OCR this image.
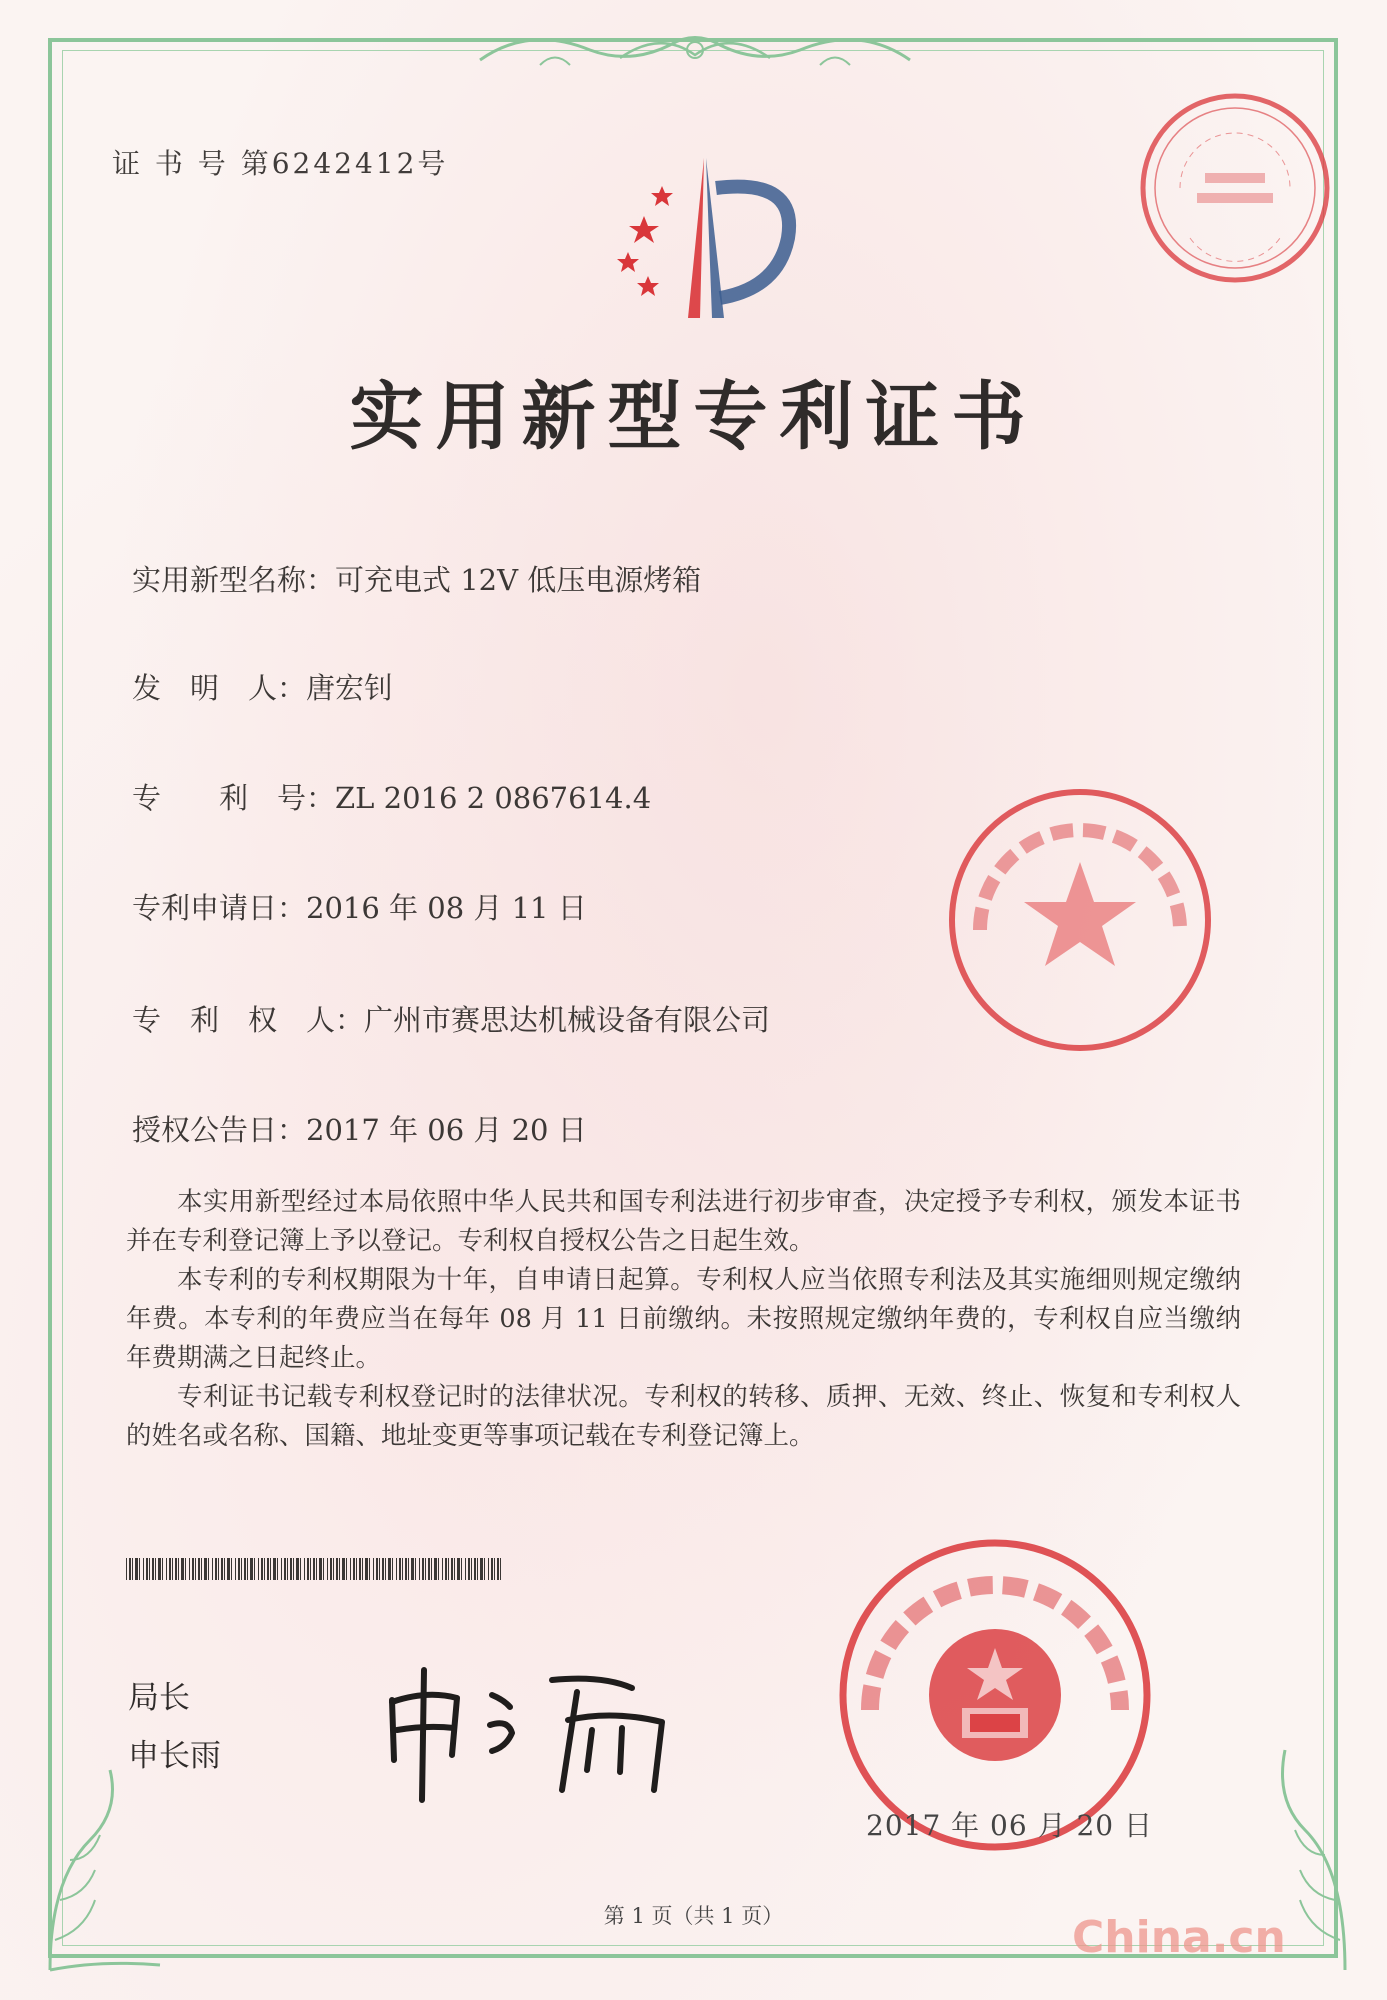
证 书 号 第6242412号
实用新型专利证书
实用新型名称：可充电式 12V 低压电源烤箱
发　明　人：唐宏钊
专　　利　号：ZL 2016 2 0867614.4
专利申请日：2016 年 08 月 11 日
专　利　权　人：广州市赛思达机械设备有限公司
授权公告日：2017 年 06 月 20 日

本实用新型经过本局依照中华人民共和国专利法进行初步审查，决定授予专利权，颁发本证书并在专利登记簿上予以登记。专利权自授权公告之日起生效。

本专利的专利权期限为十年，自申请日起算。专利权人应当依照专利法及其实施细则规定缴纳年费。本专利的年费应当在每年 08 月 11 日前缴纳。未按照规定缴纳年费的，专利权自应当缴纳年费期满之日起终止。

专利证书记载专利权登记时的法律状况。专利权的转移、质押、无效、终止、恢复和专利权人的姓名或名称、国籍、地址变更等事项记载在专利登记簿上。

局长
申长雨
2017 年 06 月 20 日
第 1 页（共 1 页）	China.cn
